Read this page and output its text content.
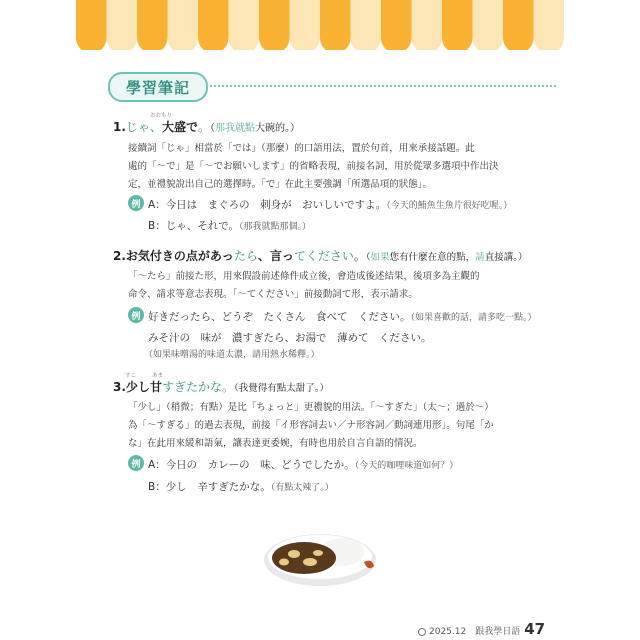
學習筆記
1.じゃ、大盛で。（那我就點大碗的。）
おおもり
接續詞「じゃ」相當於「では」（那麼）的口語用法，置於句首，用來承接話題。此
處的「〜で」是「〜でお願いします」的省略表現，前接名詞，用於從眾多選項中作出決
定，並禮貌說出自己的選擇時。「で」在此主要強調「所選品項的狀態」。
例 A：今日は　まぐろの　刺身が　おいしいですよ。（今天的鮪魚生魚片很好吃喔。）
B：じゃ、それで。（那我就點那個。）
2.お気付きの点があったら、言ってください。（如果您有什麼在意的點，請直接講。）
「〜たら」前接た形，用來假設前述條件成立後，會造成後述結果，後項多為主觀的
命令、請求等意志表現。「〜てください」前接動詞て形，表示請求。
例 好きだったら、どうぞ　たくさん　食べて　ください。（如果喜歡的話，請多吃一點。）
みそ汁の　味が　濃すぎたら、お湯で　薄めて　ください。
（如果味噌湯的味道太濃，請用熱水稀釋。）
3.少し甘すぎたかな。（我覺得有點太甜了。）
すこ	あま
「少し」（稍微；有點）是比「ちょっと」更禮貌的用法。「〜すぎた」（太〜；過於〜）
為「〜すぎる」的過去表現，前接「イ形容詞去い／ナ形容詞／動詞連用形」。句尾「か
な」在此用來緩和語氣，讓表達更委婉，有時也用於自言自語的情況。
例 A：今日の　カレーの　味、どうでしたか。（今天的咖哩味道如何？）
B：少し　辛すぎたかな。（有點太辣了。）
2025.12　跟我學日語 47
